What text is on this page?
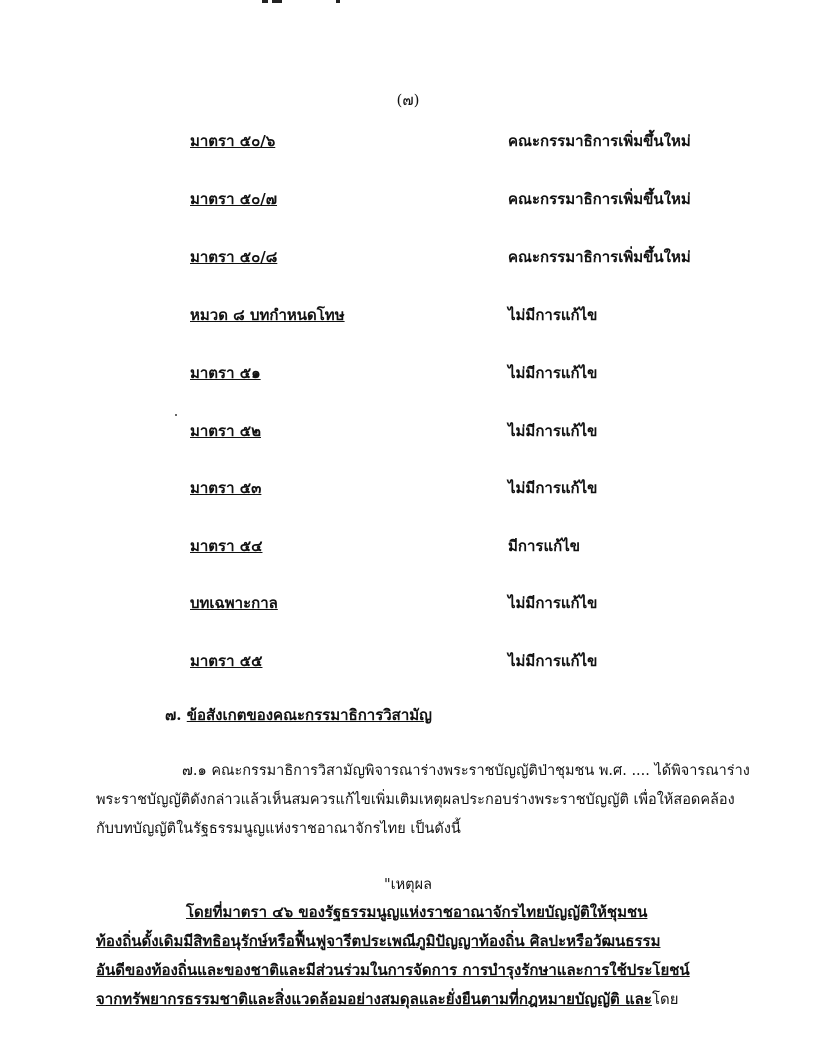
(๗)
มาตรา ๕๐/๖	คณะกรรมาธิการเพิ่มขึ้นใหม่
มาตรา ๕๐/๗	คณะกรรมาธิการเพิ่มขึ้นใหม่
มาตรา ๕๐/๘	คณะกรรมาธิการเพิ่มขึ้นใหม่
หมวด ๘ บทกำหนดโทษ	ไม่มีการแก้ไข
มาตรา ๕๑	ไม่มีการแก้ไข
มาตรา ๕๒	ไม่มีการแก้ไข
มาตรา ๕๓	ไม่มีการแก้ไข
มาตรา ๕๔	มีการแก้ไข
บทเฉพาะกาล	ไม่มีการแก้ไข
มาตรา ๕๕	ไม่มีการแก้ไข
๗. ข้อสังเกตของคณะกรรมาธิการวิสามัญ
๗.๑ คณะกรรมาธิการวิสามัญพิจารณาร่างพระราชบัญญัติป่าชุมชน พ.ศ. .... ได้พิจารณาร่าง
พระราชบัญญัติดังกล่าวแล้วเห็นสมควรแก้ไขเพิ่มเติมเหตุผลประกอบร่างพระราชบัญญัติ เพื่อให้สอดคล้อง
กับบทบัญญัติในรัฐธรรมนูญแห่งราชอาณาจักรไทย เป็นดังนี้
"เหตุผล
โดยที่มาตรา ๔๖ ของรัฐธรรมนูญแห่งราชอาณาจักรไทยบัญญัติให้ชุมชน
ท้องถิ่นดั้งเดิมมีสิทธิอนุรักษ์หรือฟื้นฟูจารีตประเพณีภูมิปัญญาท้องถิ่น ศิลปะหรือวัฒนธรรม
อันดีของท้องถิ่นและของชาติและมีส่วนร่วมในการจัดการ การบำรุงรักษาและการใช้ประโยชน์
จากทรัพยากรธรรมชาติและสิ่งแวดล้อมอย่างสมดุลและยั่งยืนตามที่กฎหมายบัญญัติ และโดย
